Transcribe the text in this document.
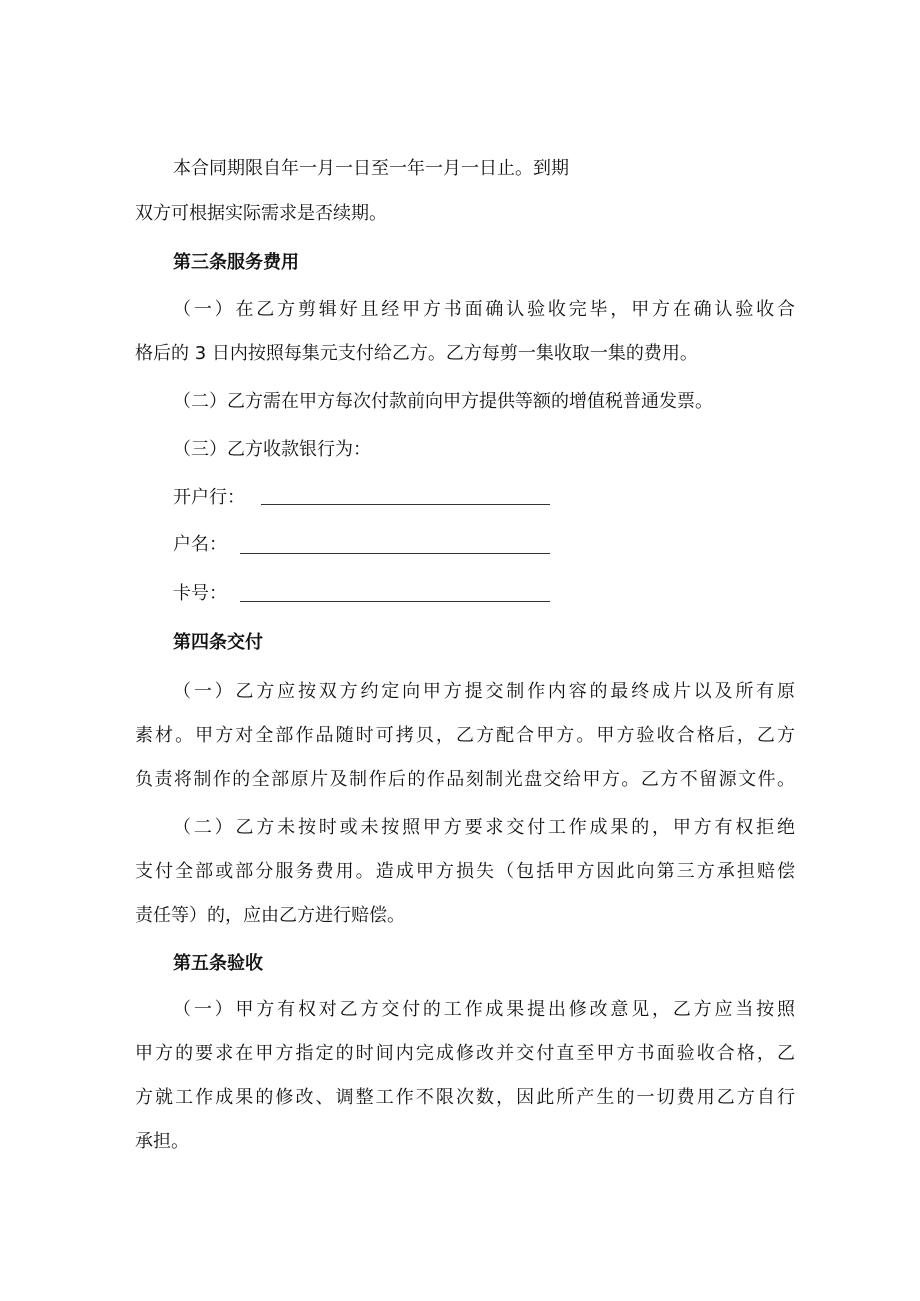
本合同期限自年一月一日至一年一月一日止。到期

双方可根据实际需求是否续期。

第三条服务费用

（一）在乙方剪辑好且经甲方书面确认验收完毕，甲方在确认验收合

格后的 3 日内按照每集元支付给乙方。乙方每剪一集收取一集的费用。

（二）乙方需在甲方每次付款前向甲方提供等额的增值税普通发票。

（三）乙方收款银行为：

开户行：
户名：
卡号：

第四条交付

（一）乙方应按双方约定向甲方提交制作内容的最终成片以及所有原

素材。甲方对全部作品随时可拷贝，乙方配合甲方。甲方验收合格后，乙方

负责将制作的全部原片及制作后的作品刻制光盘交给甲方。乙方不留源文件。

（二）乙方未按时或未按照甲方要求交付工作成果的，甲方有权拒绝

支付全部或部分服务费用。造成甲方损失（包括甲方因此向第三方承担赔偿

责任等）的，应由乙方进行赔偿。

第五条验收

（一）甲方有权对乙方交付的工作成果提出修改意见，乙方应当按照

甲方的要求在甲方指定的时间内完成修改并交付直至甲方书面验收合格，乙

方就工作成果的修改、调整工作不限次数，因此所产生的一切费用乙方自行

承担。
